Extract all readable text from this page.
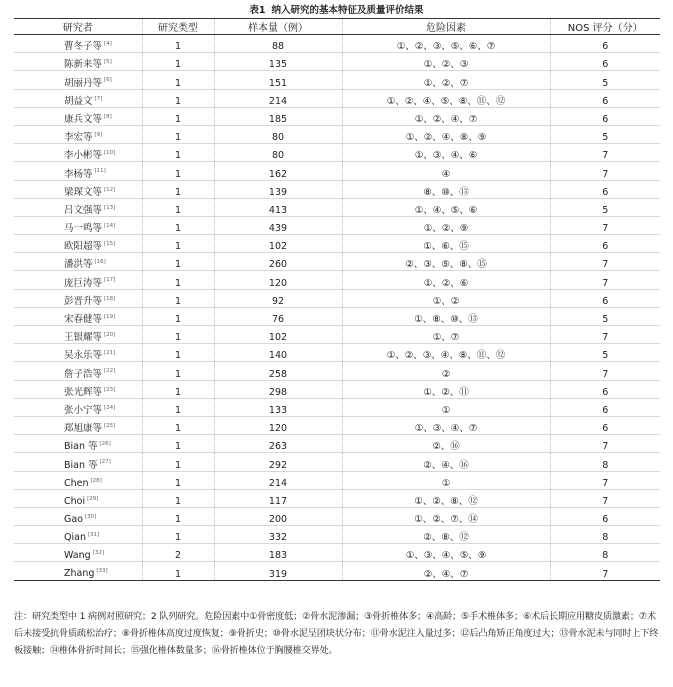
表1 纳入研究的基本特征及质量评价结果
研究者	研究类型	样本量（例）	危险因素	NOS 评分（分）
曹冬子等 [4]	1	88	①、②、③、⑤、⑥、⑦	6
陈新来等 [5]	1	135	①、②、③	6
胡丽丹等 [6]	1	151	①、②、⑦	5
胡益文 [7]	1	214	①、②、④、⑤、⑧、⑪、⑫	6
康兵文等 [8]	1	185	①、②、④、⑦	6
李宏等 [9]	1	80	①、②、④、⑧、⑨	5
李小彬等 [10]	1	80	①、③、④、⑥	7
李杨等 [11]	1	162	④	7
梁琛文等 [12]	1	139	⑧、⑩、⑬	6
吕文强等 [13]	1	413	①、④、⑤、⑥	5
马一鸣等 [14]	1	439	①、②、⑨	7
欧阳超等 [15]	1	102	①、⑥、⑮	6
潘洪等 [16]	1	260	②、③、⑤、⑧、⑮	7
庞巨涛等 [17]	1	120	①、②、⑥	7
彭晋升等 [18]	1	92	①、②	6
宋春健等 [19]	1	76	①、⑧、⑩、⑬	5
王银耀等 [20]	1	102	①、⑦	7
吴永乐等 [21]	1	140	①、②、③、④、⑧、⑪、⑫	5
詹子浩等 [22]	1	258	②	7
张光辉等 [23]	1	298	①、②、⑪	6
张小宁等 [24]	1	133	①	6
郑旭康等 [25]	1	120	①、③、④、⑦	6
Bian 等 [26]	1	263	②、⑯	7
Bian 等 [27]	1	292	②、④、⑯	8
Chen [28]	1	214	①	7
Choi [29]	1	117	①、②、⑧、⑫	7
Gao [30]	1	200	①、②、⑦、⑭	6
Qian [31]	1	332	②、⑧、⑫	8
Wang [32]	2	183	①、③、④、⑤、⑨	8
Zhang [33]	1	319	②、④、⑦	7
注：研究类型中 1 病例对照研究；2 队列研究。危险因素中①骨密度低；②骨水泥渗漏；③骨折椎体多；④高龄；⑤手术椎体多；⑥术后长期应用糖皮质激素；⑦术后未接受抗骨质疏松治疗；⑧骨折椎体高度过度恢复；⑨骨折史；⑩骨水泥呈团块状分布；⑪骨水泥注入量过多；⑫后凸角矫正角度过大；⑬骨水泥未与同时上下终板接触；⑭椎体骨折时间长；⑮强化椎体数量多；⑯骨折椎体位于胸腰椎交界处。
